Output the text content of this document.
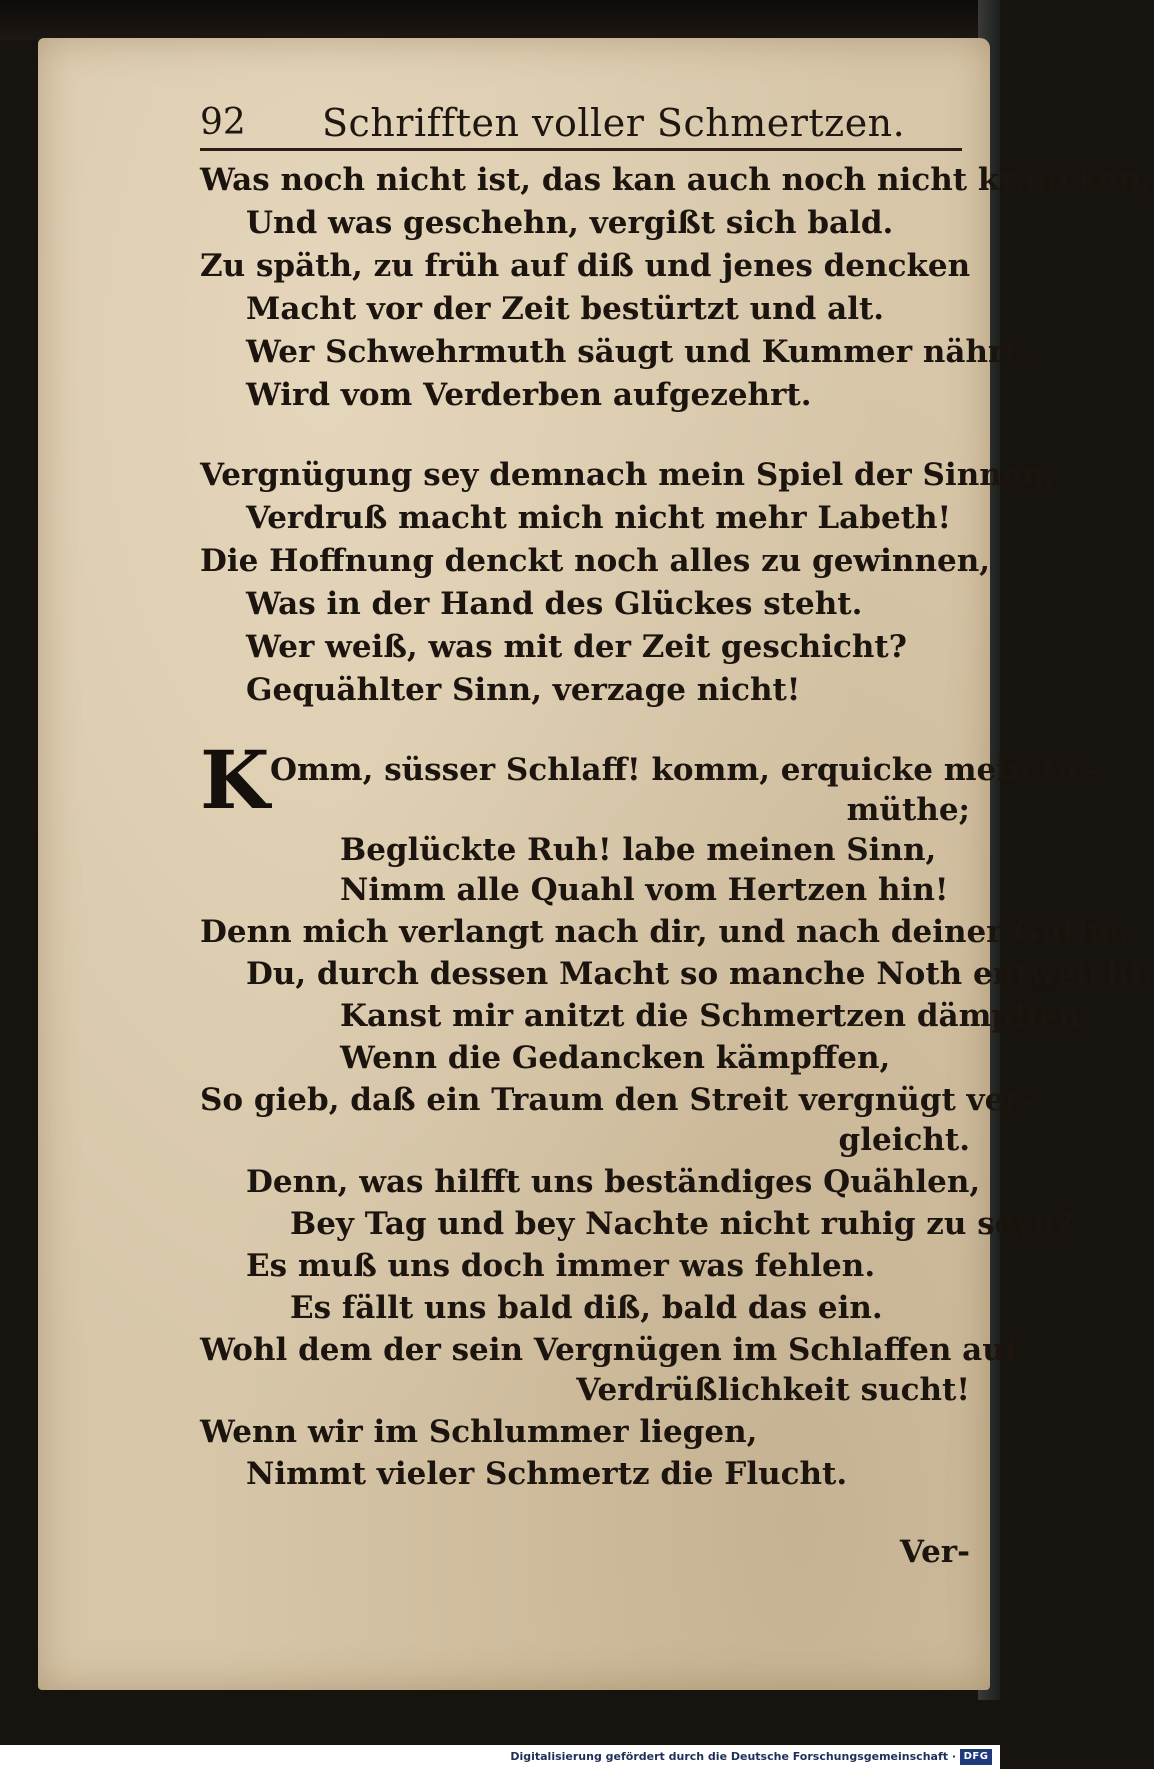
92 Schrifften voller Schmertzen.
Was noch nicht ist, das kan auch noch nicht krancken,
Und was geschehn, vergißt sich bald.
Zu späth, zu früh auf diß und jenes dencken
Macht vor der Zeit bestürtzt und alt.
Wer Schwehrmuth säugt und Kummer nährt,
Wird vom Verderben aufgezehrt.
Vergnügung sey demnach mein Spiel der Sinnen;
Verdruß macht mich nicht mehr Labeth!
Die Hoffnung denckt noch alles zu gewinnen,
Was in der Hand des Glückes steht.
Wer weiß, was mit der Zeit geschicht?
Gequählter Sinn, verzage nicht!
K Omm, süsser Schlaff! komm, erquicke mein Ge-
müthe;
Beglückte Ruh! labe meinen Sinn,
Nimm alle Quahl vom Hertzen hin!
Denn mich verlangt nach dir, und nach deiner Güthe.
Du, durch dessen Macht so manche Noth entweicht,
Kanst mir anitzt die Schmertzen dämpffen.
Wenn die Gedancken kämpffen,
So gieb, daß ein Traum den Streit vergnügt ver-
gleicht.
Denn, was hilfft uns beständiges Quählen,
Bey Tag und bey Nachte nicht ruhig zu seyn?
Es muß uns doch immer was fehlen.
Es fällt uns bald diß, bald das ein.
Wohl dem der sein Vergnügen im Schlaffen auf
Verdrüßlichkeit sucht!
Wenn wir im Schlummer liegen,
Nimmt vieler Schmertz die Flucht.
Ver-
Digitalisierung gefördert durch die Deutsche Forschungsgemeinschaft · DFG
